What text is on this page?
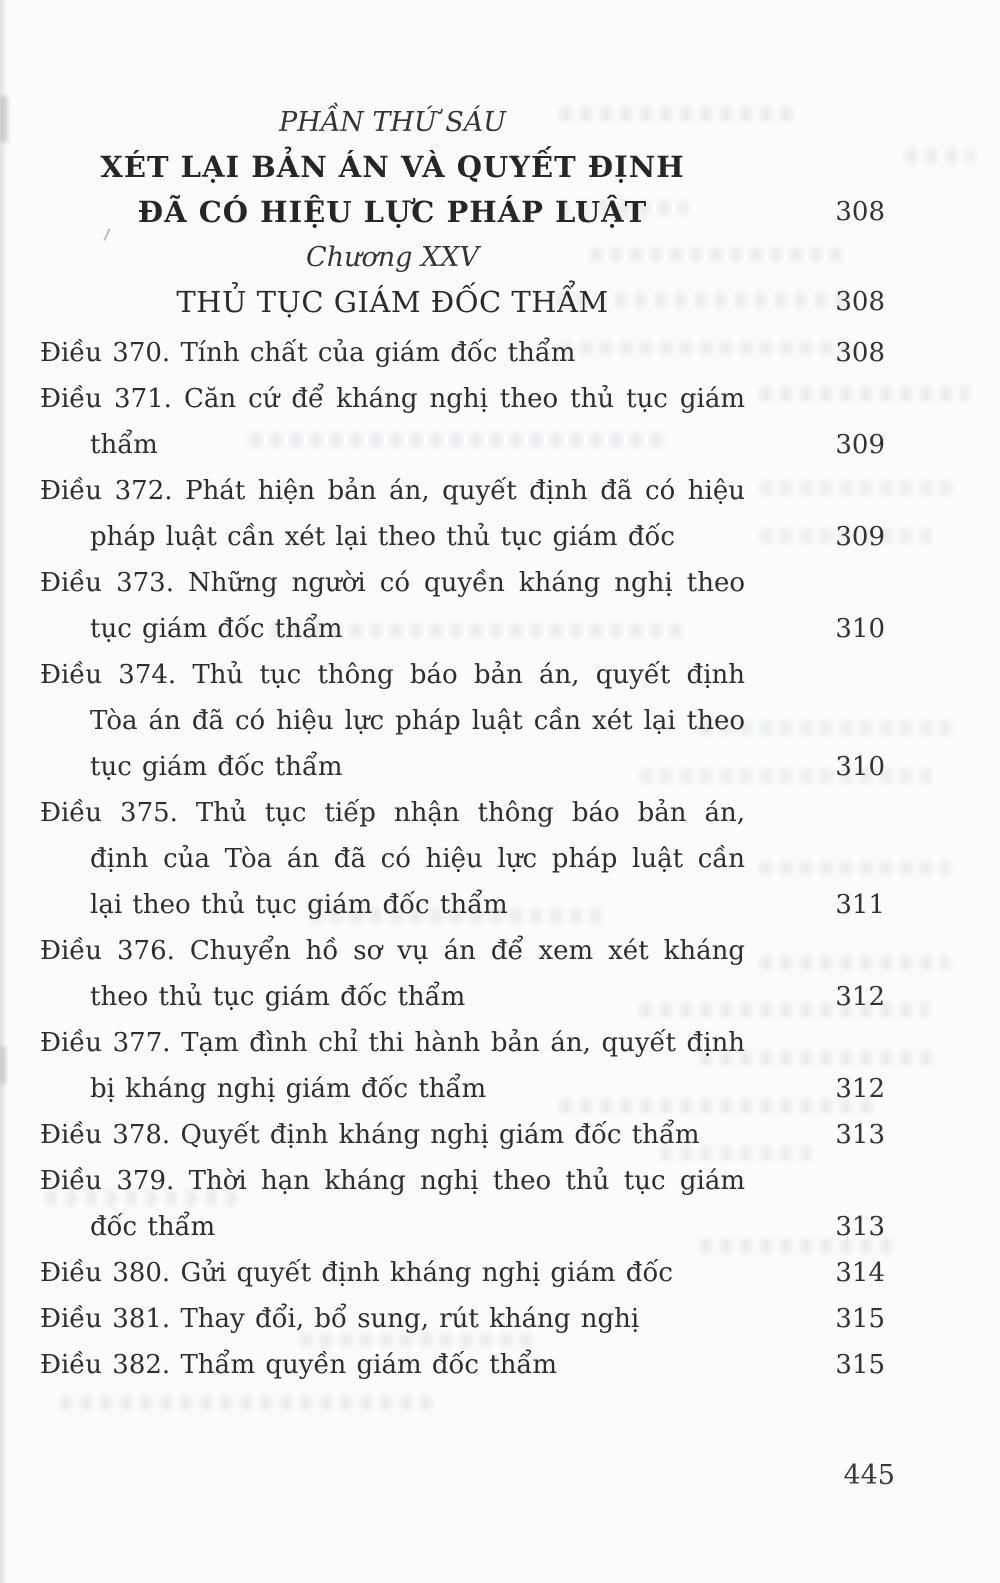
PHẦN THỨ SÁU
XÉT LẠI BẢN ÁN VÀ QUYẾT ĐỊNH
ĐÃ CÓ HIỆU LỰC PHÁP LUẬT	308
Chương XXV
THỦ TỤC GIÁM ĐỐC THẨM	308
Điều 370. Tính chất của giám đốc thẩm	308
Điều 371. Căn cứ để kháng nghị theo thủ tục giám
thẩm	309
Điều 372. Phát hiện bản án, quyết định đã có hiệu
pháp luật cần xét lại theo thủ tục giám đốc	309
Điều 373. Những người có quyền kháng nghị theo
tục giám đốc thẩm	310
Điều 374. Thủ tục thông báo bản án, quyết định
Tòa án đã có hiệu lực pháp luật cần xét lại theo
tục giám đốc thẩm	310
Điều 375. Thủ tục tiếp nhận thông báo bản án,
định của Tòa án đã có hiệu lực pháp luật cần
lại theo thủ tục giám đốc thẩm	311
Điều 376. Chuyển hồ sơ vụ án để xem xét kháng
theo thủ tục giám đốc thẩm	312
Điều 377. Tạm đình chỉ thi hành bản án, quyết định
bị kháng nghị giám đốc thẩm	312
Điều 378. Quyết định kháng nghị giám đốc thẩm	313
Điều 379. Thời hạn kháng nghị theo thủ tục giám
đốc thẩm	313
Điều 380. Gửi quyết định kháng nghị giám đốc	314
Điều 381. Thay đổi, bổ sung, rút kháng nghị	315
Điều 382. Thẩm quyền giám đốc thẩm	315
445
